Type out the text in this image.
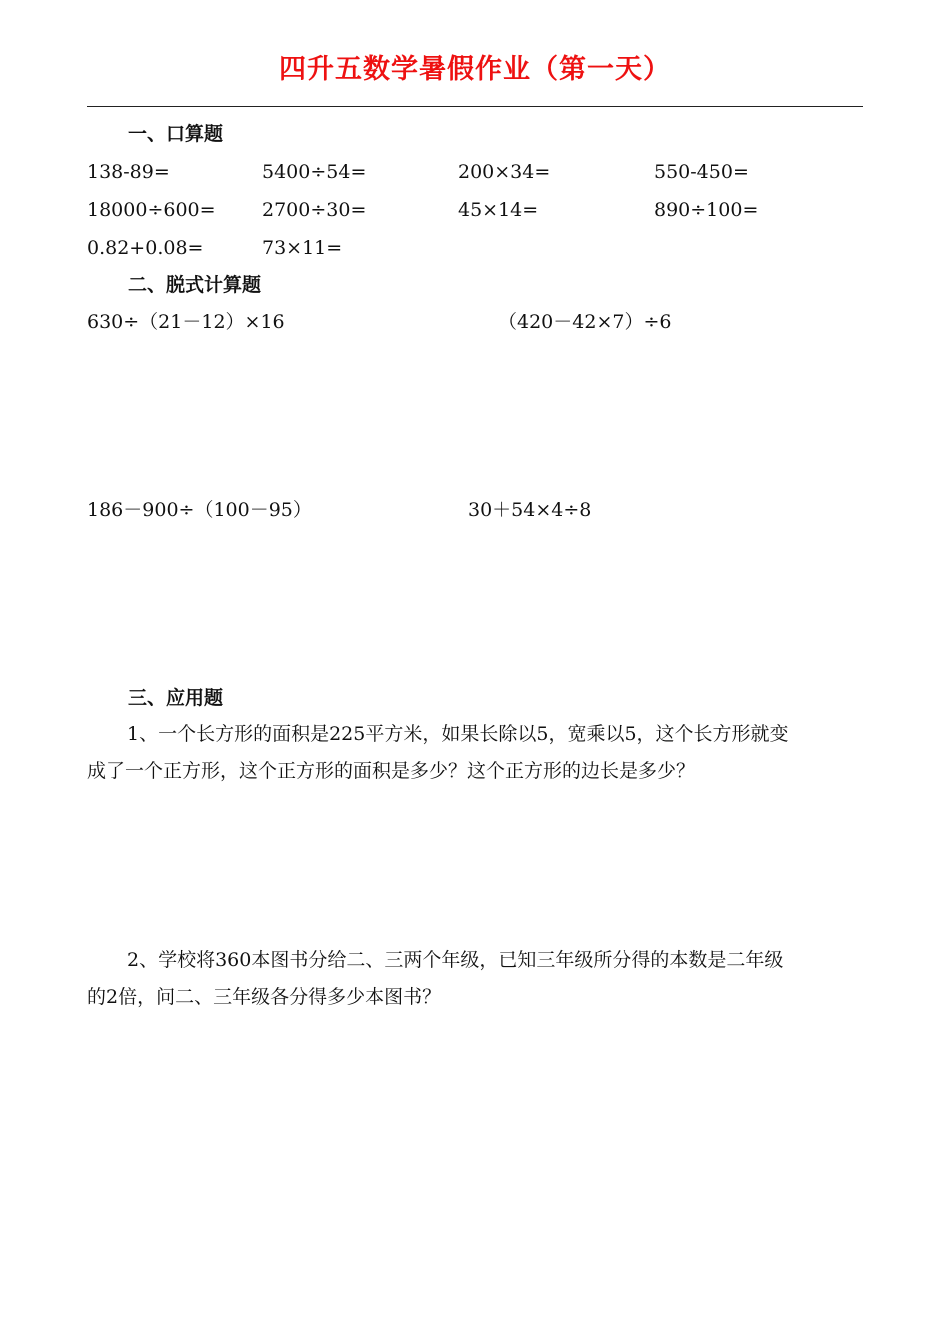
四升五数学暑假作业（第一天）
一、口算题
138-89=	5400÷54=	200×34=	550-450=
18000÷600= 2700÷30=	45×14=	890÷100=
0.82+0.08=	73×11=
二、脱式计算题
630÷（21－12）×16	（420－42×7）÷6
186－900÷（100－95）	30＋54×4÷8
三、应用题

1、一个长方形的面积是225平方米，如果长除以5，宽乘以5，这个长方形就变

成了一个正方形，这个正方形的面积是多少？这个正方形的边长是多少？

2、学校将360本图书分给二、三两个年级，已知三年级所分得的本数是二年级

的2倍，问二、三年级各分得多少本图书？
